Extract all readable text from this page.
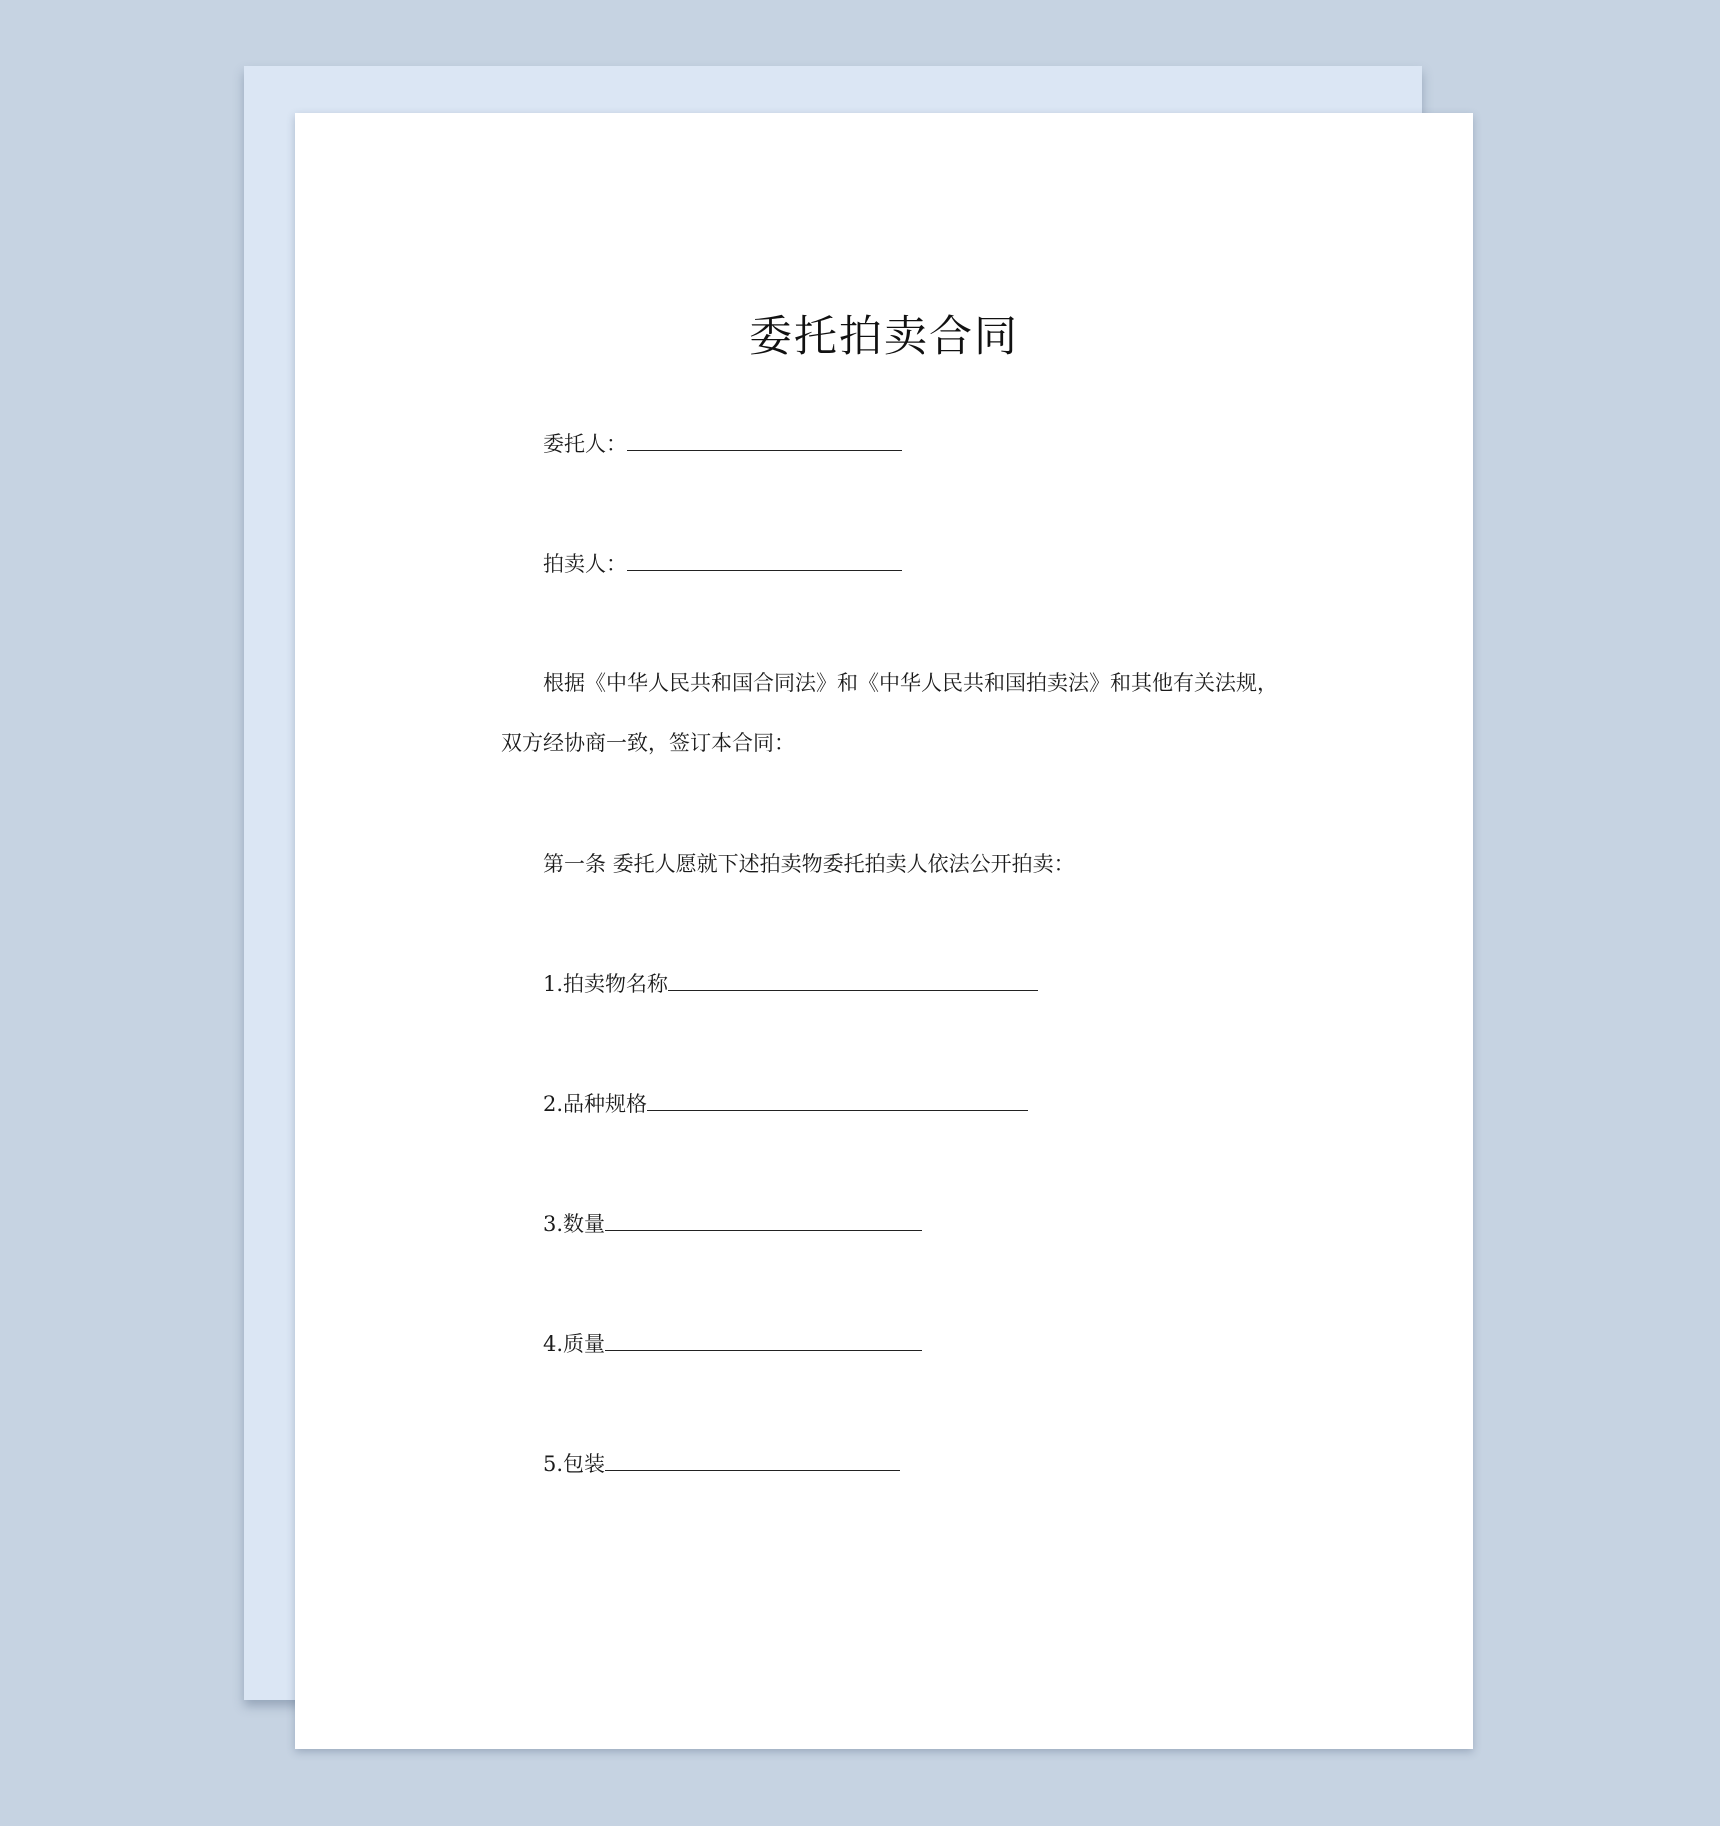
委托拍卖合同
委托人：
拍卖人：
根据《中华人民共和国合同法》和《中华人民共和国拍卖法》和其他有关法规，
双方经协商一致，签订本合同：
第一条 委托人愿就下述拍卖物委托拍卖人依法公开拍卖：
1.拍卖物名称
2.品种规格
3.数量
4.质量
5.包装
